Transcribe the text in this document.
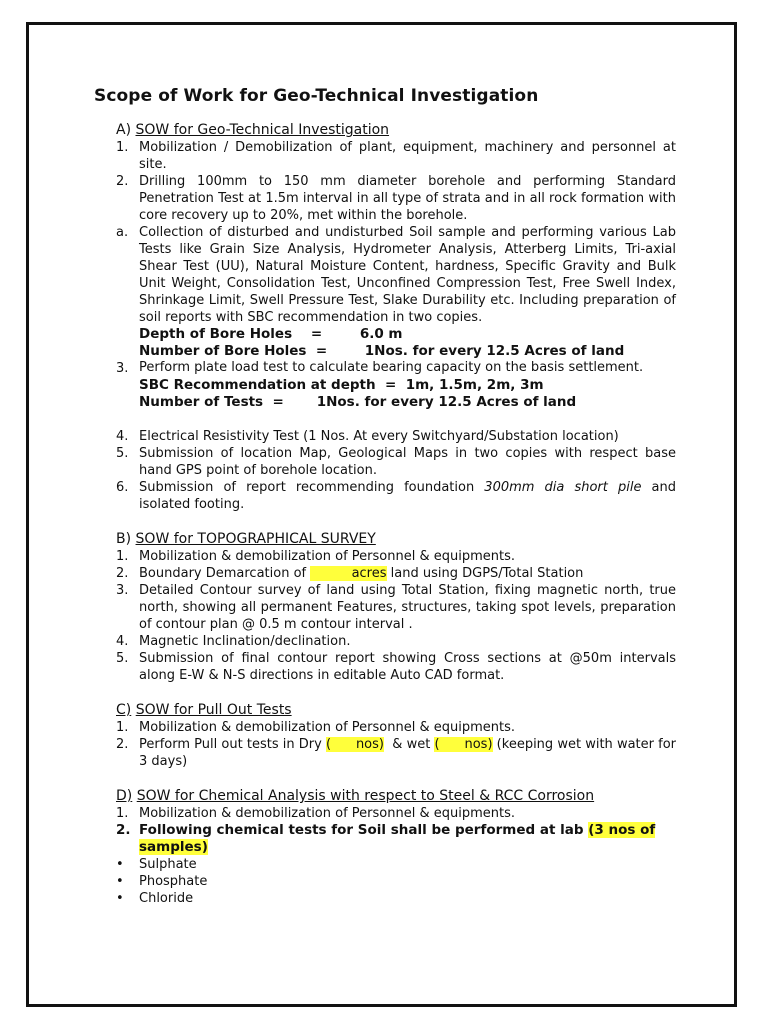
Scope of Work for Geo-Technical Investigation
A) SOW for Geo-Technical Investigation
1. Mobilization / Demobilization of plant, equipment, machinery and personnel at site.
2. Drilling 100mm to 150 mm diameter borehole and performing Standard Penetration Test at 1.5m interval in all type of strata and in all rock formation with core recovery up to 20%, met within the borehole.
a. Collection of disturbed and undisturbed Soil sample and performing various Lab Tests like Grain Size Analysis, Hydrometer Analysis, Atterberg Limits, Tri-axial Shear Test (UU), Natural Moisture Content, hardness, Specific Gravity and Bulk Unit Weight, Consolidation Test, Unconfined Compression Test, Free Swell Index, Shrinkage Limit, Swell Pressure Test, Slake Durability etc. Including preparation of soil reports with SBC recommendation in two copies.
Depth of Bore Holes    =        6.0 m
Number of Bore Holes  =        1Nos. for every 12.5 Acres of land
3. Perform plate load test to calculate bearing capacity on the basis settlement.
SBC Recommendation at depth  =  1m, 1.5m, 2m, 3m
Number of Tests  =       1Nos. for every 12.5 Acres of land
4. Electrical Resistivity Test (1 Nos. At every Switchyard/Substation location)
5. Submission of location Map, Geological Maps in two copies with respect base hand GPS point of borehole location.
6. Submission of report recommending foundation 300mm dia short pile and isolated footing.
B) SOW for TOPOGRAPHICAL SURVEY
1. Mobilization & demobilization of Personnel & equipments.
2. Boundary Demarcation of           acres land using DGPS/Total Station
3. Detailed Contour survey of land using Total Station, fixing magnetic north, true north, showing all permanent Features, structures, taking spot levels, preparation of contour plan @ 0.5 m contour interval .
4. Magnetic Inclination/declination.
5. Submission of final contour report showing Cross sections at @50m intervals along E-W & N-S directions in editable Auto CAD format.
C) SOW for Pull Out Tests
1. Mobilization & demobilization of Personnel & equipments.
2. Perform Pull out tests in Dry (      nos)  & wet (      nos) (keeping wet with water for 3 days)
D) SOW for Chemical Analysis with respect to Steel & RCC Corrosion
1. Mobilization & demobilization of Personnel & equipments.
2. Following chemical tests for Soil shall be performed at lab (3 nos of samples)
•	Sulphate
•	Phosphate
•	Chloride
